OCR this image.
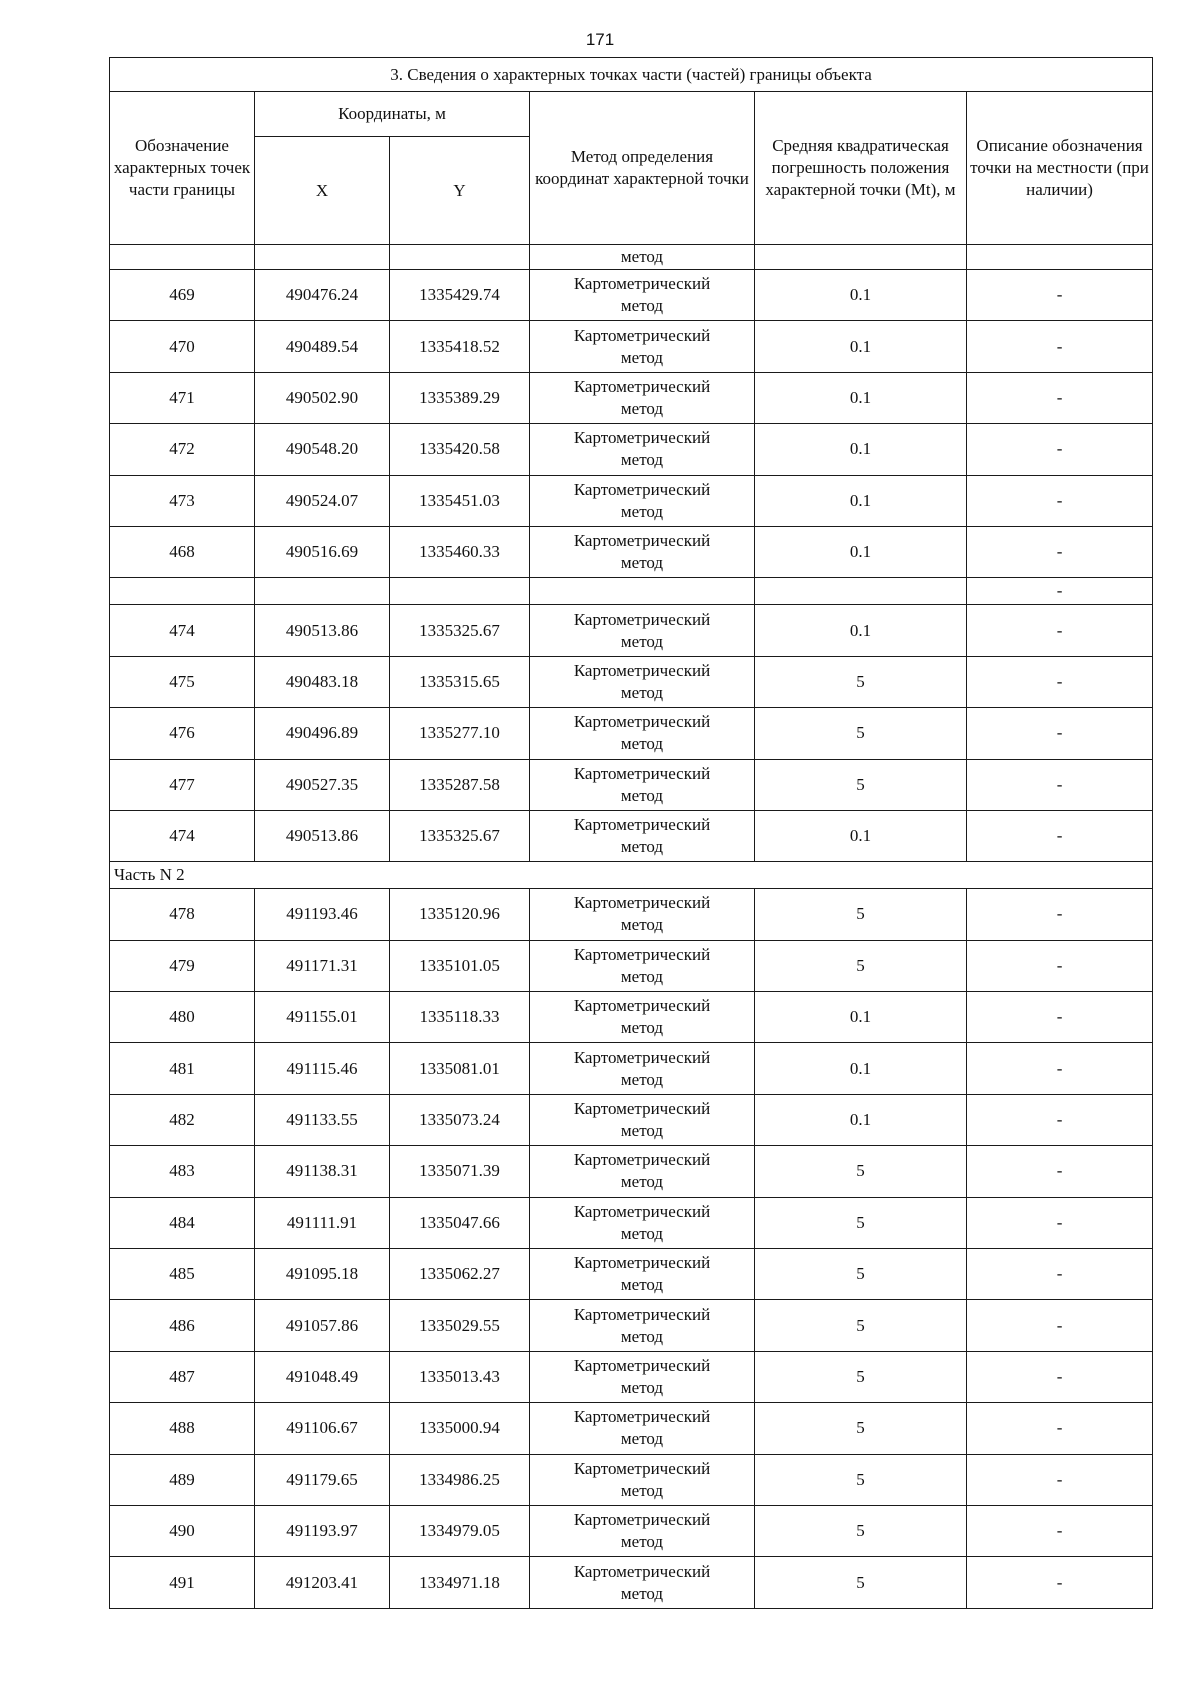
171
3. Сведения о характерных точках части (частей) границы объекта					
Обозначение характерных точек части границы	Координаты, м		Метод определения координат характерной точки	Средняя квадратическая погрешность положения характерной точки (Mt), м	Описание обозначения точки на местности (при наличии)
	X	Y			
			метод		
469	490476.24	1335429.74	Картометрический
метод	0.1	-
470	490489.54	1335418.52	Картометрический
метод	0.1	-
471	490502.90	1335389.29	Картометрический
метод	0.1	-
472	490548.20	1335420.58	Картометрический
метод	0.1	-
473	490524.07	1335451.03	Картометрический
метод	0.1	-
468	490516.69	1335460.33	Картометрический
метод	0.1	-
					-
474	490513.86	1335325.67	Картометрический
метод	0.1	-
475	490483.18	1335315.65	Картометрический
метод	5	-
476	490496.89	1335277.10	Картометрический
метод	5	-
477	490527.35	1335287.58	Картометрический
метод	5	-
474	490513.86	1335325.67	Картометрический
метод	0.1	-
Часть N 2					
478	491193.46	1335120.96	Картометрический
метод	5	-
479	491171.31	1335101.05	Картометрический
метод	5	-
480	491155.01	1335118.33	Картометрический
метод	0.1	-
481	491115.46	1335081.01	Картометрический
метод	0.1	-
482	491133.55	1335073.24	Картометрический
метод	0.1	-
483	491138.31	1335071.39	Картометрический
метод	5	-
484	491111.91	1335047.66	Картометрический
метод	5	-
485	491095.18	1335062.27	Картометрический
метод	5	-
486	491057.86	1335029.55	Картометрический
метод	5	-
487	491048.49	1335013.43	Картометрический
метод	5	-
488	491106.67	1335000.94	Картометрический
метод	5	-
489	491179.65	1334986.25	Картометрический
метод	5	-
490	491193.97	1334979.05	Картометрический
метод	5	-
491	491203.41	1334971.18	Картометрический
метод	5	-
